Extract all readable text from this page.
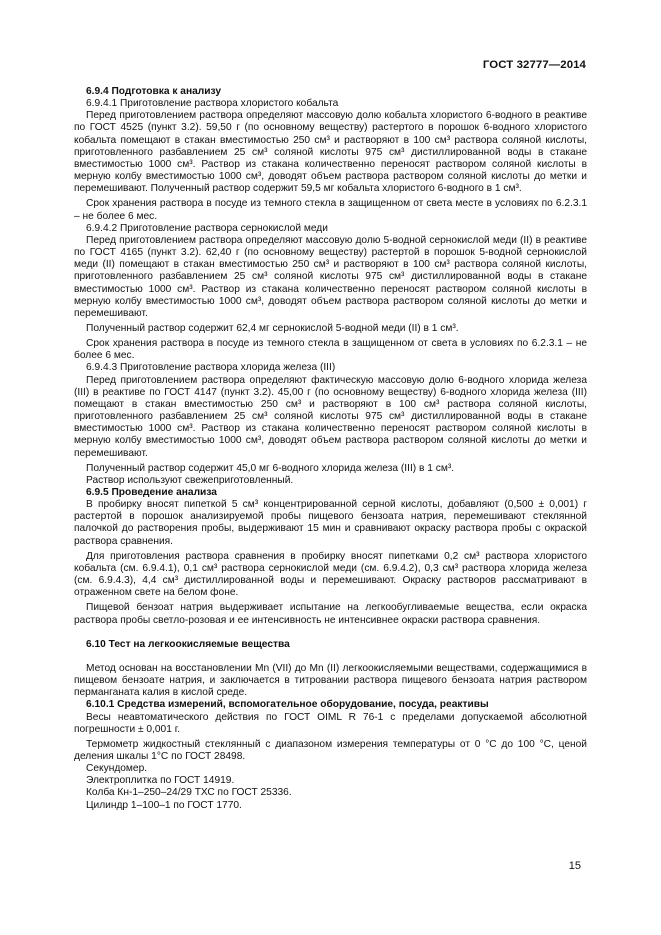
ГОСТ 32777—2014

6.9.4 Подготовка к анализу

6.9.4.1 Приготовление раствора хлористого кобальта

Перед приготовлением раствора определяют массовую долю кобальта хлористого 6-водного в реактиве по ГОСТ 4525 (пункт 3.2). 59,50 г (по основному веществу) растертого в порошок 6-водного хлористого кобальта помещают в стакан вместимостью 250 см³ и растворяют в 100 см³ раствора соляной кислоты, приготовленного разбавлением 25 см³ соляной кислоты 975 см³ дистиллированной воды в стакане вместимостью 1000 см³. Раствор из стакана количественно переносят раствором соляной кислоты в мерную колбу вместимостью 1000 см³, доводят объем раствора раствором соляной кислоты до метки и перемешивают. Полученный раствор содержит 59,5 мг кобальта хлористого 6-водного в 1 см³.

Срок хранения раствора в посуде из темного стекла в защищенном от света месте в условиях по 6.2.3.1 – не более 6 мес.

6.9.4.2 Приготовление раствора сернокислой меди

Перед приготовлением раствора определяют массовую долю 5-водной сернокислой меди (II) в реактиве по ГОСТ 4165 (пункт 3.2). 62,40 г (по основному веществу) растертой в порошок 5-водной сернокислой меди (II) помещают в стакан вместимостью 250 см³ и растворяют в 100 см³ раствора соляной кислоты, приготовленного разбавлением 25 см³ соляной кислоты 975 см³ дистиллированной воды в стакане вместимостью 1000 см³. Раствор из стакана количественно переносят раствором соляной кислоты в мерную колбу вместимостью 1000 см³, доводят объем раствора раствором соляной кислоты до метки и перемешивают.

Полученный раствор содержит 62,4 мг сернокислой 5-водной меди (II) в 1 см³.

Срок хранения раствора в посуде из темного стекла в защищенном от света в условиях по 6.2.3.1 – не более 6 мес.

6.9.4.3 Приготовление раствора хлорида железа (III)

Перед приготовлением раствора определяют фактическую массовую долю 6-водного хлорида железа (III) в реактиве по ГОСТ 4147 (пункт 3.2). 45,00 г (по основному веществу) 6-водного хлорида железа (III) помещают в стакан вместимостью 250 см³ и растворяют в 100 см³ раствора соляной кислоты, приготовленного разбавлением 25 см³ соляной кислоты 975 см³ дистиллированной воды в стакане вместимостью 1000 см³. Раствор из стакана количественно переносят раствором соляной кислоты в мерную колбу вместимостью 1000 см³, доводят объем раствора раствором соляной кислоты до метки и перемешивают.

Полученный раствор содержит 45,0 мг 6-водного хлорида железа (III) в 1 см³.

Раствор используют свежеприготовленный.

6.9.5 Проведение анализа

В пробирку вносят пипеткой 5 см³ концентрированной серной кислоты, добавляют (0,500 ± 0,001) г растертой в порошок анализируемой пробы пищевого бензоата натрия, перемешивают стеклянной палочкой до растворения пробы, выдерживают 15 мин и сравнивают окраску раствора пробы с окраской раствора сравнения.

Для приготовления раствора сравнения в пробирку вносят пипетками 0,2 см³ раствора хлористого кобальта (см. 6.9.4.1), 0,1 см³ раствора сернокислой меди (см. 6.9.4.2), 0,3 см³ раствора хлорида железа (см. 6.9.4.3), 4,4 см³ дистиллированной воды и перемешивают. Окраску растворов рассматривают в отраженном свете на белом фоне.

Пищевой бензоат натрия выдерживает испытание на легкообугливаемые вещества, если окраска раствора пробы светло-розовая и ее интенсивность не интенсивнее окраски раствора сравнения.

6.10 Тест на легкоокисляемые вещества

Метод основан на восстановлении Mn (VII) до Mn (II) легкоокисляемыми веществами, содержащимися в пищевом бензоате натрия, и заключается в титровании раствора пищевого бензоата натрия раствором перманганата калия в кислой среде.

6.10.1 Средства измерений, вспомогательное оборудование, посуда, реактивы

Весы неавтоматического действия по ГОСТ OIML R 76-1 с пределами допускаемой абсолютной погрешности ± 0,001 г.

Термометр жидкостный стеклянный с диапазоном измерения температуры от 0 °С до 100 °С, ценой деления шкалы 1°С по ГОСТ 28498.

Секундомер.

Электроплитка по ГОСТ 14919.

Колба Кн-1–250–24/29 ТХС по ГОСТ 25336.

Цилиндр 1–100–1 по ГОСТ 1770.

15
